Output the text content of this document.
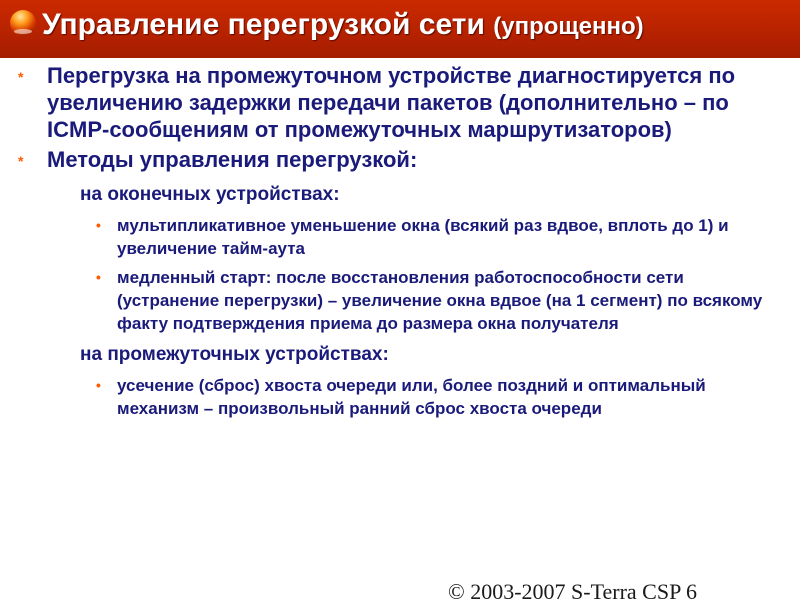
Управление перегрузкой сети (упрощенно)
* Перегрузка на промежуточном устройстве диагностируется по увеличению задержки передачи пакетов (дополнительно – по ICMP-сообщениям от промежуточных маршрутизаторов)
* Методы управления перегрузкой:
на оконечных устройствах:
• мультипликативное уменьшение окна (всякий раз вдвое, вплоть до 1) и увеличение тайм-аута
• медленный старт: после восстановления работоспособности сети (устранение перегрузки) – увеличение окна вдвое (на 1 сегмент) по всякому факту подтверждения приема до размера окна получателя
на промежуточных устройствах:
• усечение (сброс) хвоста очереди или, более поздний и оптимальный механизм – произвольный ранний сброс хвоста очереди
© 2003-2007 S-Terra CSP 6
